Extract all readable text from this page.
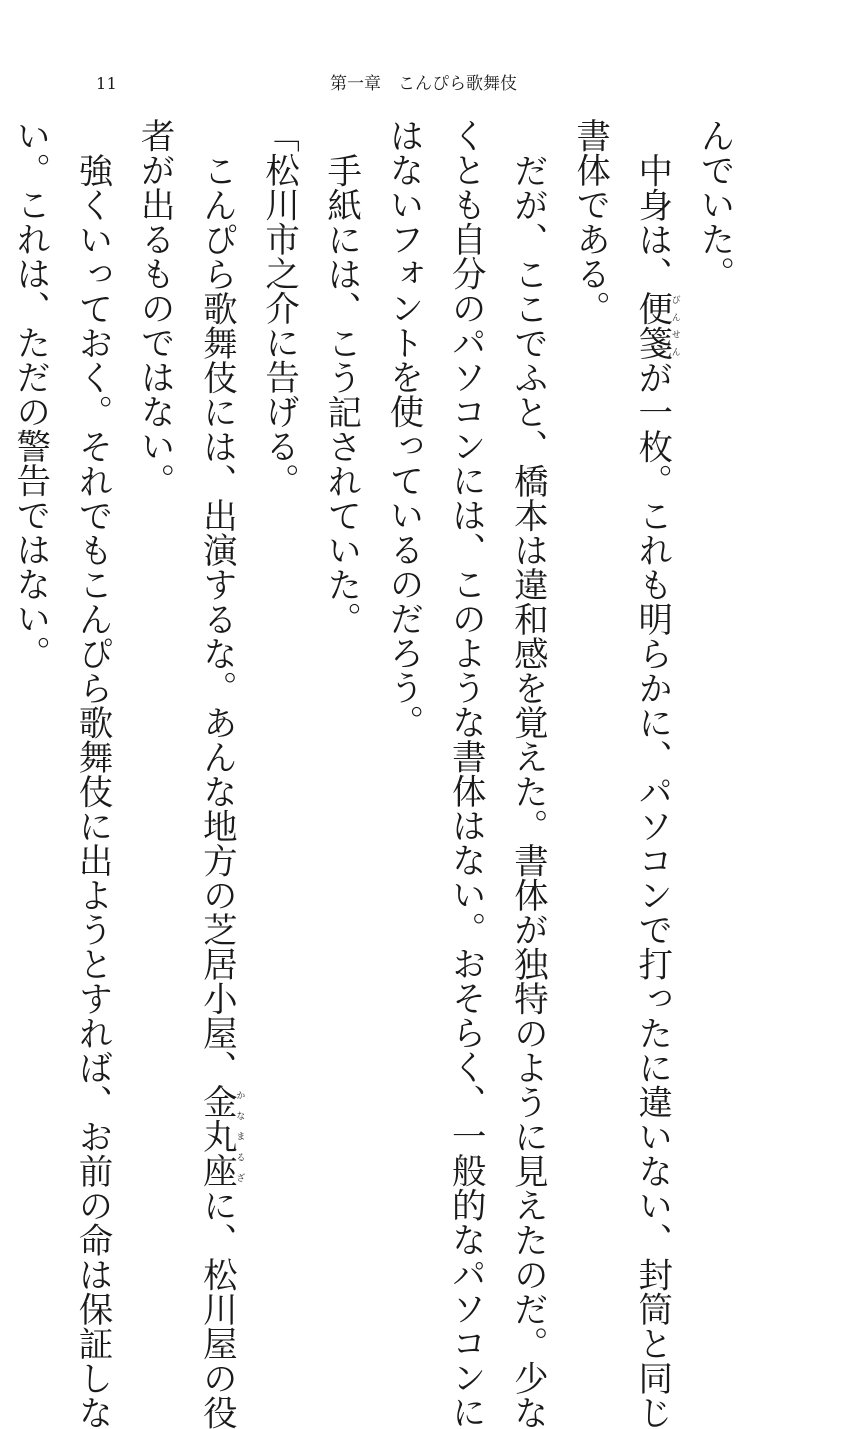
11	第一章　こんぴら歌舞伎
んでいた。
中身は、便箋びんせんが一枚。これも明らかに、パソコンで打ったに違いない、封筒と同じ
書体である。
だが、ここでふと、橋本は違和感を覚えた。書体が独特のように見えたのだ。少な
くとも自分のパソコンには、このような書体はない。おそらく、一般的なパソコンに
はないフォントを使っているのだろう。
手紙には、こう記されていた。
「松川市之介に告げる。
こんぴら歌舞伎には、出演するな。あんな地方の芝居小屋、金丸座かなまるざに、松川屋の役
者が出るものではない。
強くいっておく。それでもこんぴら歌舞伎に出ようとすれば、お前の命は保証しな
い。これは、ただの警告ではない。
